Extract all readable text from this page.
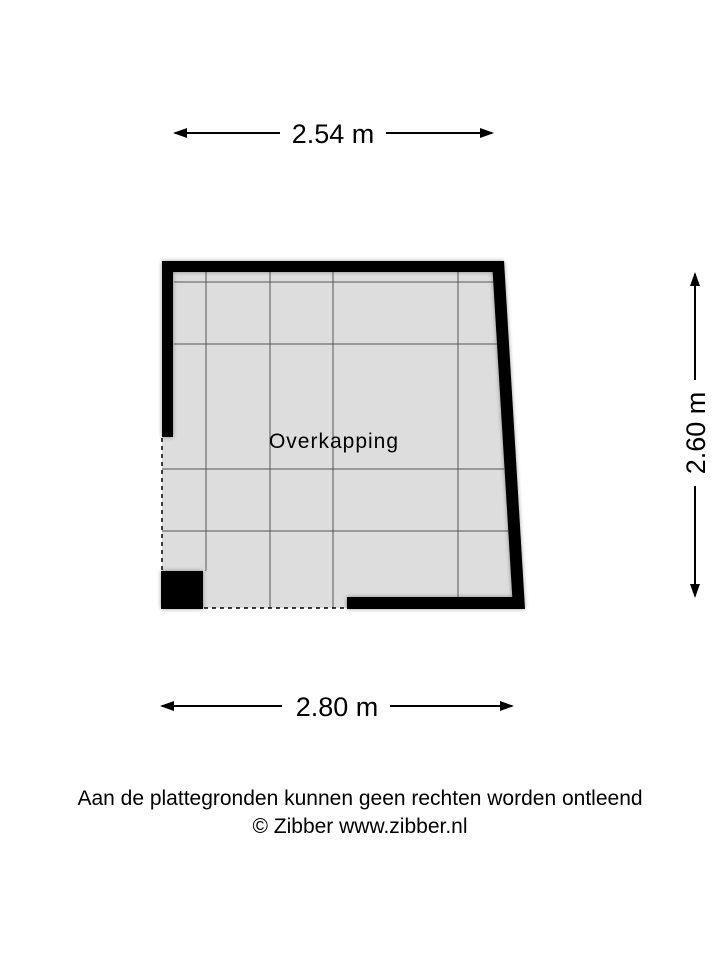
2.54 m
Overkapping	2.60 m
2.80 m
Aan de plattegronden kunnen geen rechten worden ontleend
© Zibber www.zibber.nl
